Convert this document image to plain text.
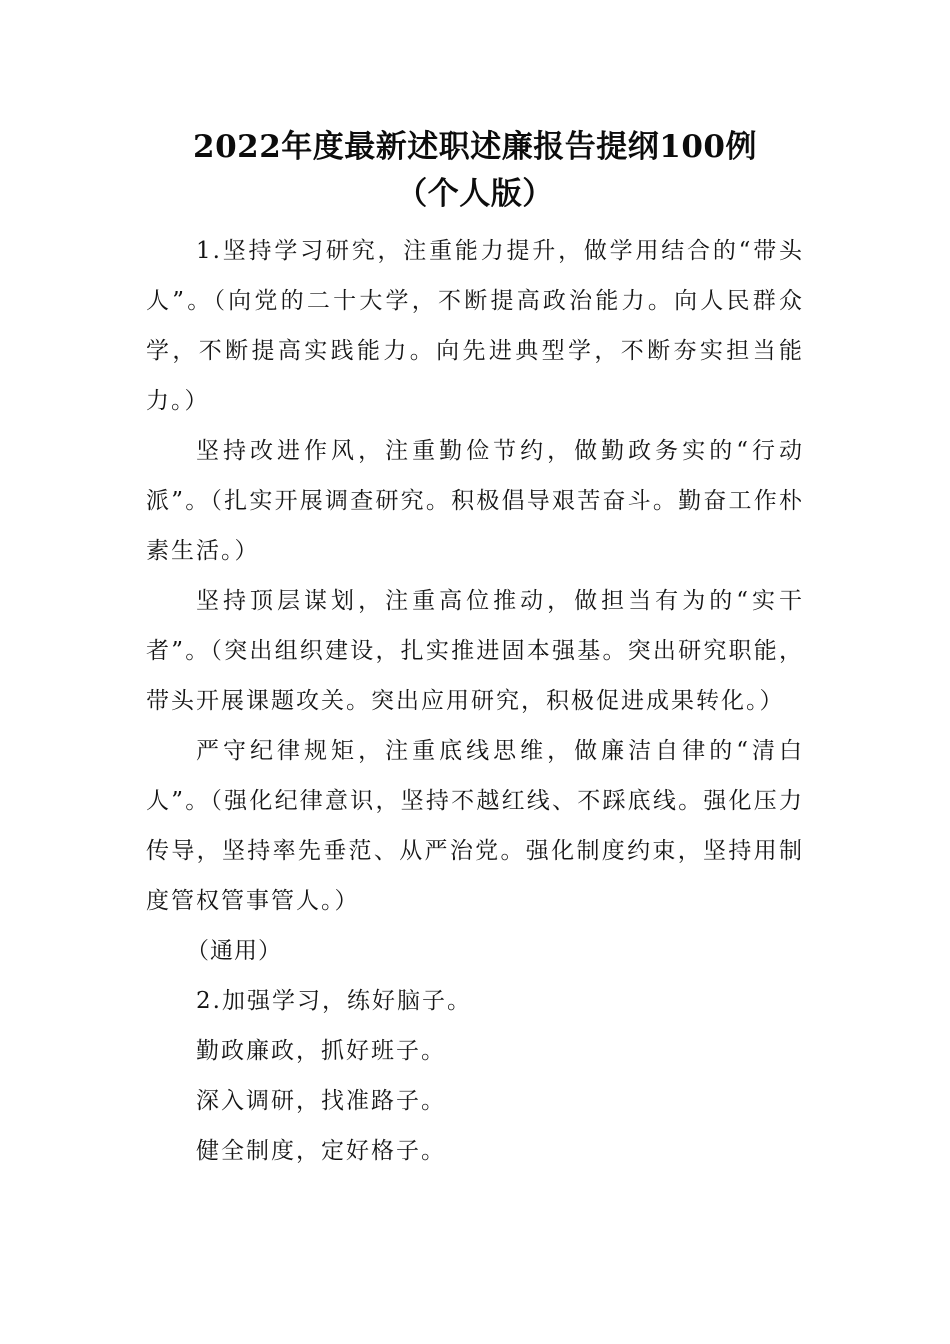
2022年度最新述职述廉报告提纲100例
（个人版）

1.坚持学习研究，注重能力提升，做学用结合的“带头人”。（向党的二十大学，不断提高政治能力。向人民群众学，不断提高实践能力。向先进典型学，不断夯实担当能力。）

坚持改进作风，注重勤俭节约，做勤政务实的“行动派”。（扎实开展调查研究。积极倡导艰苦奋斗。勤奋工作朴素生活。）

坚持顶层谋划，注重高位推动，做担当有为的“实干者”。（突出组织建设，扎实推进固本强基。突出研究职能，带头开展课题攻关。突出应用研究，积极促进成果转化。）

严守纪律规矩，注重底线思维，做廉洁自律的“清白人”。（强化纪律意识，坚持不越红线、不踩底线。强化压力传导，坚持率先垂范、从严治党。强化制度约束，坚持用制度管权管事管人。）

（通用）

2.加强学习，练好脑子。

勤政廉政，抓好班子。

深入调研，找准路子。

健全制度，定好格子。
